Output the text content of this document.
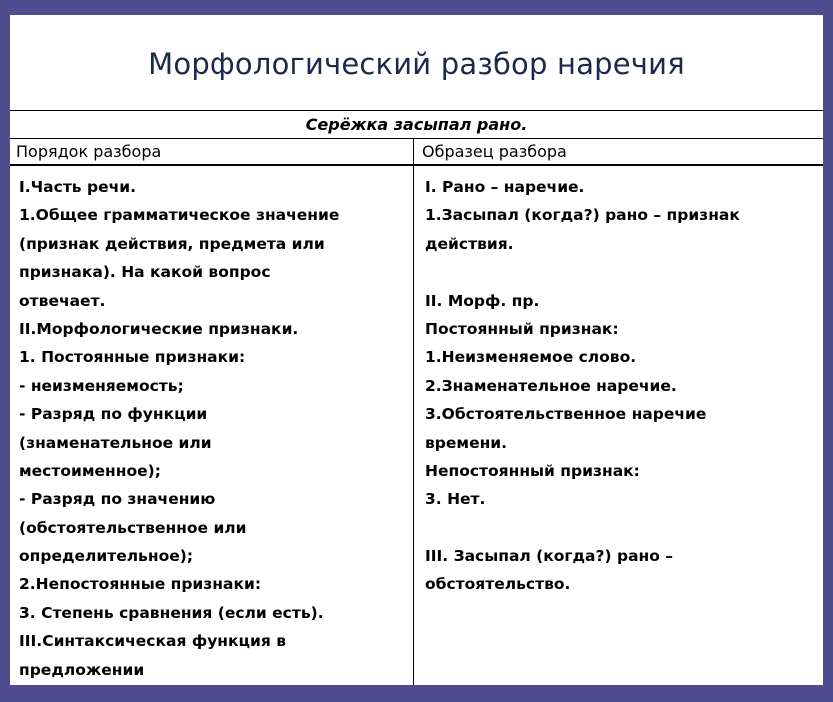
Морфологический разбор наречия
Серёжка засыпал рано.
Порядок разбора	Образец разбора
I.Часть речи.
1.Общее грамматическое значение
(признак действия, предмета или
признака). На какой вопрос
отвечает.
II.Морфологические признаки.
1. Постоянные признаки:
- неизменяемость;
- Разряд по функции
(знаменательное или
местоименное);
- Разряд по значению
(обстоятельственное или
определительное);
2.Непостоянные признаки:
3. Степень сравнения (если есть).
III.Синтаксическая функция в
предложении
I. Рано – наречие.
1.Засыпал (когда?) рано – признак
действия.
II. Морф. пр.
Постоянный признак:
1.Неизменяемое слово.
2.Знаменательное наречие.
3.Обстоятельственное наречие
времени.
Непостоянный признак:
3. Нет.
III. Засыпал (когда?) рано –
обстоятельство.
